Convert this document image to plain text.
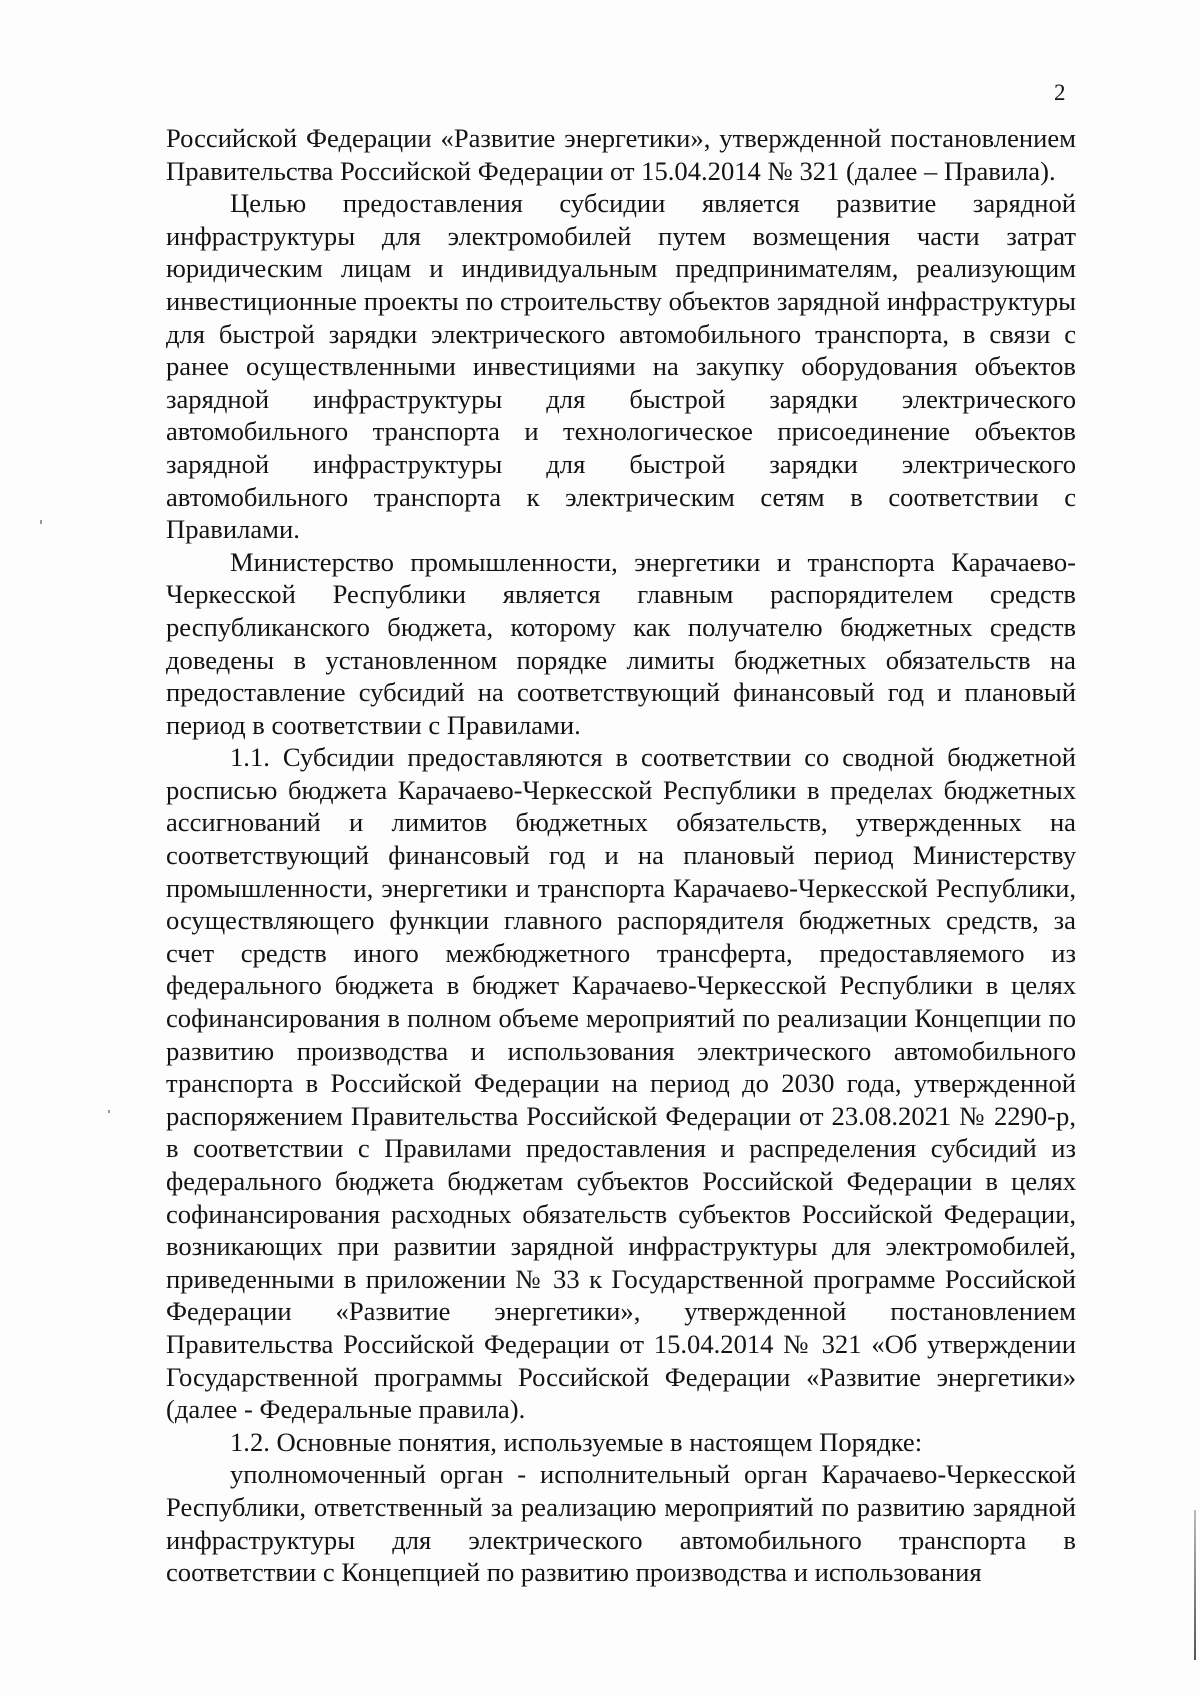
2

Российской Федерации «Развитие энергетики», утвержденной постановлением Правительства Российской Федерации от 15.04.2014 № 321 (далее – Правила).

Целью предоставления субсидии является развитие зарядной инфраструктуры для электромобилей путем возмещения части затрат юридическим лицам и индивидуальным предпринимателям, реализующим инвестиционные проекты по строительству объектов зарядной инфраструктуры для быстрой зарядки электрического автомобильного транспорта, в связи с ранее осуществленными инвестициями на закупку оборудования объектов зарядной инфраструктуры для быстрой зарядки электрического автомобильного транспорта и технологическое присоединение объектов зарядной инфраструктуры для быстрой зарядки электрического автомобильного транспорта к электрическим сетям в соответствии с Правилами.

Министерство промышленности, энергетики и транспорта Карачаево-Черкесской Республики является главным распорядителем средств республиканского бюджета, которому как получателю бюджетных средств доведены в установленном порядке лимиты бюджетных обязательств на предоставление субсидий на соответствующий финансовый год и плановый период в соответствии с Правилами.

1.1. Субсидии предоставляются в соответствии со сводной бюджетной росписью бюджета Карачаево-Черкесской Республики в пределах бюджетных ассигнований и лимитов бюджетных обязательств, утвержденных на соответствующий финансовый год и на плановый период Министерству промышленности, энергетики и транспорта Карачаево-Черкесской Республики, осуществляющего функции главного распорядителя бюджетных средств, за счет средств иного межбюджетного трансферта, предоставляемого из федерального бюджета в бюджет Карачаево-Черкесской Республики в целях софинансирования в полном объеме мероприятий по реализации Концепции по развитию производства и использования электрического автомобильного транспорта в Российской Федерации на период до 2030 года, утвержденной распоряжением Правительства Российской Федерации от 23.08.2021 № 2290-р, в соответствии с Правилами предоставления и распределения субсидий из федерального бюджета бюджетам субъектов Российской Федерации в целях софинансирования расходных обязательств субъектов Российской Федерации, возникающих при развитии зарядной инфраструктуры для электромобилей, приведенными в приложении № 33 к Государственной программе Российской Федерации «Развитие энергетики», утвержденной постановлением Правительства Российской Федерации от 15.04.2014 № 321 «Об утверждении Государственной программы Российской Федерации «Развитие энергетики» (далее - Федеральные правила).

1.2. Основные понятия, используемые в настоящем Порядке:

уполномоченный орган - исполнительный орган Карачаево-Черкесской Республики, ответственный за реализацию мероприятий по развитию зарядной инфраструктуры для электрического автомобильного транспорта в соответствии с Концепцией по развитию производства и использования
